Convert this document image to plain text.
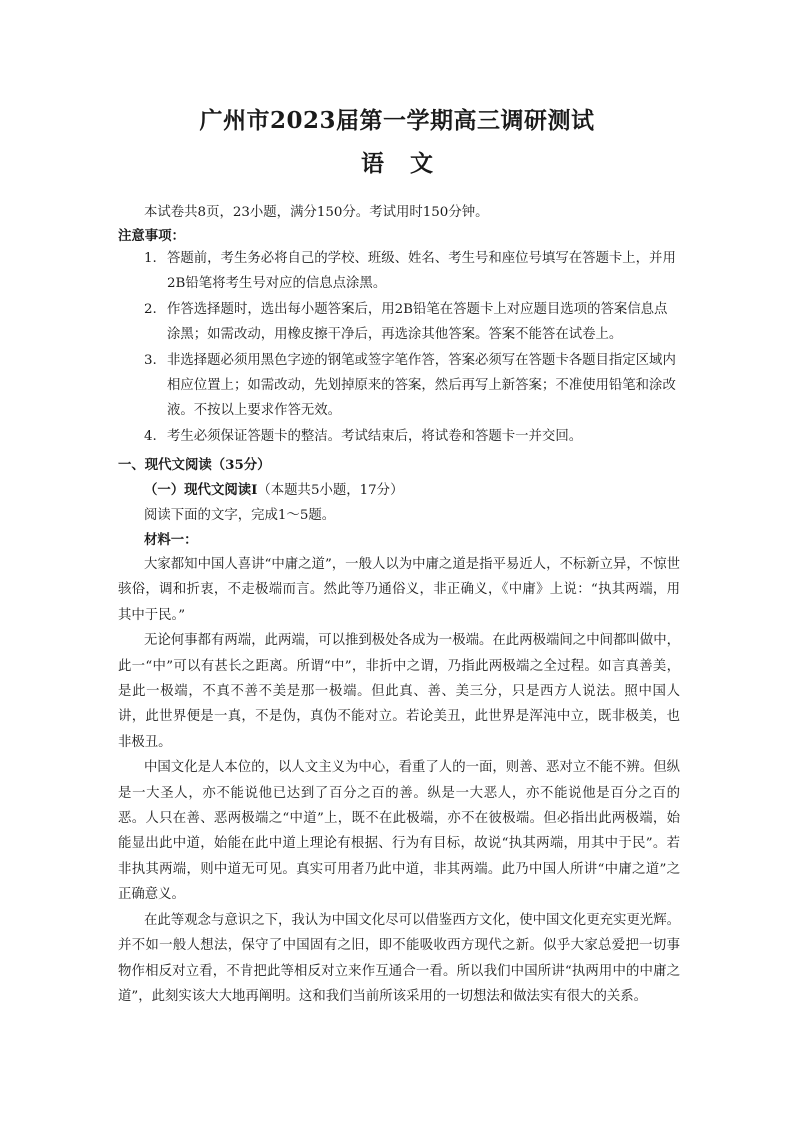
广州市2023届第一学期高三调研测试
语文
本试卷共8页，23小题，满分150分。考试用时150分钟。
注意事项：
1. 答题前，考生务必将自己的学校、班级、姓名、考生号和座位号填写在答题卡上，并用2B铅笔将考生号对应的信息点涂黑。
2. 作答选择题时，选出每小题答案后，用2B铅笔在答题卡上对应题目选项的答案信息点涂黑；如需改动，用橡皮擦干净后，再选涂其他答案。答案不能答在试卷上。
3. 非选择题必须用黑色字迹的钢笔或签字笔作答，答案必须写在答题卡各题目指定区域内相应位置上；如需改动，先划掉原来的答案，然后再写上新答案；不准使用铅笔和涂改液。不按以上要求作答无效。
4. 考生必须保证答题卡的整洁。考试结束后，将试卷和答题卡一并交回。
一、现代文阅读（35分）
（一）现代文阅读Ⅰ（本题共5小题，17分）
阅读下面的文字，完成1～5题。
材料一：

大家都知中国人喜讲“中庸之道”，一般人以为中庸之道是指平易近人，不标新立异，不惊世骇俗，调和折衷，不走极端而言。然此等乃通俗义，非正确义，《中庸》上说：“执其两端，用其中于民。”

无论何事都有两端，此两端，可以推到极处各成为一极端。在此两极端间之中间都叫做中，此一“中”可以有甚长之距离。所谓“中”，非折中之谓，乃指此两极端之全过程。如言真善美，是此一极端，不真不善不美是那一极端。但此真、善、美三分，只是西方人说法。照中国人讲，此世界便是一真，不是伪，真伪不能对立。若论美丑，此世界是浑沌中立，既非极美，也非极丑。

中国文化是人本位的，以人文主义为中心，看重了人的一面，则善、恶对立不能不辨。但纵是一大圣人，亦不能说他已达到了百分之百的善。纵是一大恶人，亦不能说他是百分之百的恶。人只在善、恶两极端之“中道”上，既不在此极端，亦不在彼极端。但必指出此两极端，始能显出此中道，始能在此中道上理论有根据、行为有目标，故说“执其两端，用其中于民”。若非执其两端，则中道无可见。真实可用者乃此中道，非其两端。此乃中国人所讲“中庸之道”之正确意义。

在此等观念与意识之下，我认为中国文化尽可以借鉴西方文化，使中国文化更充实更光辉。并不如一般人想法，保守了中国固有之旧，即不能吸收西方现代之新。似乎大家总爱把一切事物作相反对立看，不肯把此等相反对立来作互通合一看。所以我们中国所讲“执两用中的中庸之道”，此刻实该大大地再阐明。这和我们当前所该采用的一切想法和做法实有很大的关系。
